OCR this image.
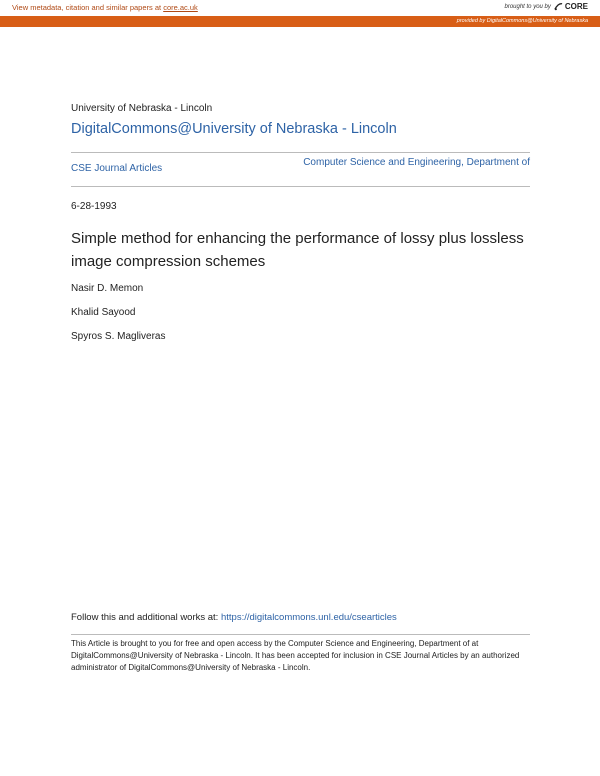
View metadata, citation and similar papers at core.ac.uk	brought to you by CORE
provided by DigitalCommons@University of Nebraska
University of Nebraska - Lincoln
DigitalCommons@University of Nebraska - Lincoln
CSE Journal Articles
Computer Science and Engineering, Department of
6-28-1993
Simple method for enhancing the performance of lossy plus lossless image compression schemes
Nasir D. Memon
Khalid Sayood
Spyros S. Magliveras
Follow this and additional works at: https://digitalcommons.unl.edu/csearticles
This Article is brought to you for free and open access by the Computer Science and Engineering, Department of at DigitalCommons@University of Nebraska - Lincoln. It has been accepted for inclusion in CSE Journal Articles by an authorized administrator of DigitalCommons@University of Nebraska - Lincoln.
